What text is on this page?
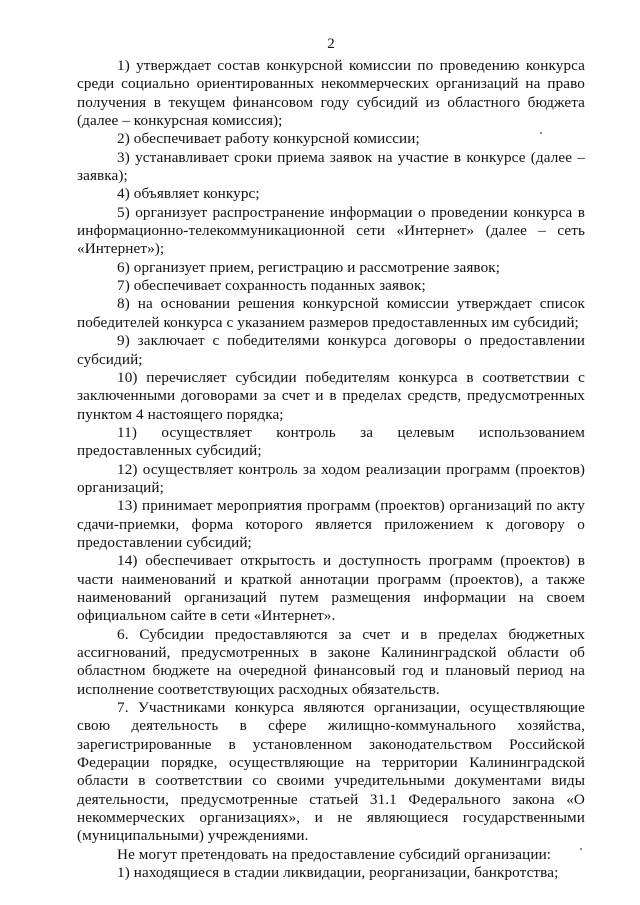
2

1) утверждает состав конкурсной комиссии по проведению конкурса среди социально ориентированных некоммерческих организаций на право получения в текущем финансовом году субсидий из областного бюджета (далее – конкурсная комиссия);

2) обеспечивает работу конкурсной комиссии;

3) устанавливает сроки приема заявок на участие в конкурсе (далее – заявка);

4) объявляет конкурс;

5) организует распространение информации о проведении конкурса в информационно-телекоммуникационной сети «Интернет» (далее – сеть «Интернет»);

6) организует прием, регистрацию и рассмотрение заявок;

7) обеспечивает сохранность поданных заявок;

8) на основании решения конкурсной комиссии утверждает список победителей конкурса с указанием размеров предоставленных им субсидий;

9) заключает с победителями конкурса договоры о предоставлении субсидий;

10) перечисляет субсидии победителям конкурса в соответствии с заключенными договорами за счет и в пределах средств, предусмотренных пунктом 4 настоящего порядка;

11) осуществляет контроль за целевым использованием предоставленных субсидий;

12) осуществляет контроль за ходом реализации программ (проектов) организаций;

13) принимает мероприятия программ (проектов) организаций по акту сдачи-приемки, форма которого является приложением к договору о предоставлении субсидий;

14) обеспечивает открытость и доступность программ (проектов) в части наименований и краткой аннотации программ (проектов), а также наименований организаций путем размещения информации на своем официальном сайте в сети «Интернет».

6. Субсидии предоставляются за счет и в пределах бюджетных ассигнований, предусмотренных в законе Калининградской области об областном бюджете на очередной финансовый год и плановый период на исполнение соответствующих расходных обязательств.

7. Участниками конкурса являются организации, осуществляющие свою деятельность в сфере жилищно-коммунального хозяйства, зарегистрированные в установленном законодательством Российской Федерации порядке, осуществляющие на территории Калининградской области в соответствии со своими учредительными документами виды деятельности, предусмотренные статьей 31.1 Федерального закона «О некоммерческих организациях», и не являющиеся государственными (муниципальными) учреждениями.

Не могут претендовать на предоставление субсидий организации:

1) находящиеся в стадии ликвидации, реорганизации, банкротства;
